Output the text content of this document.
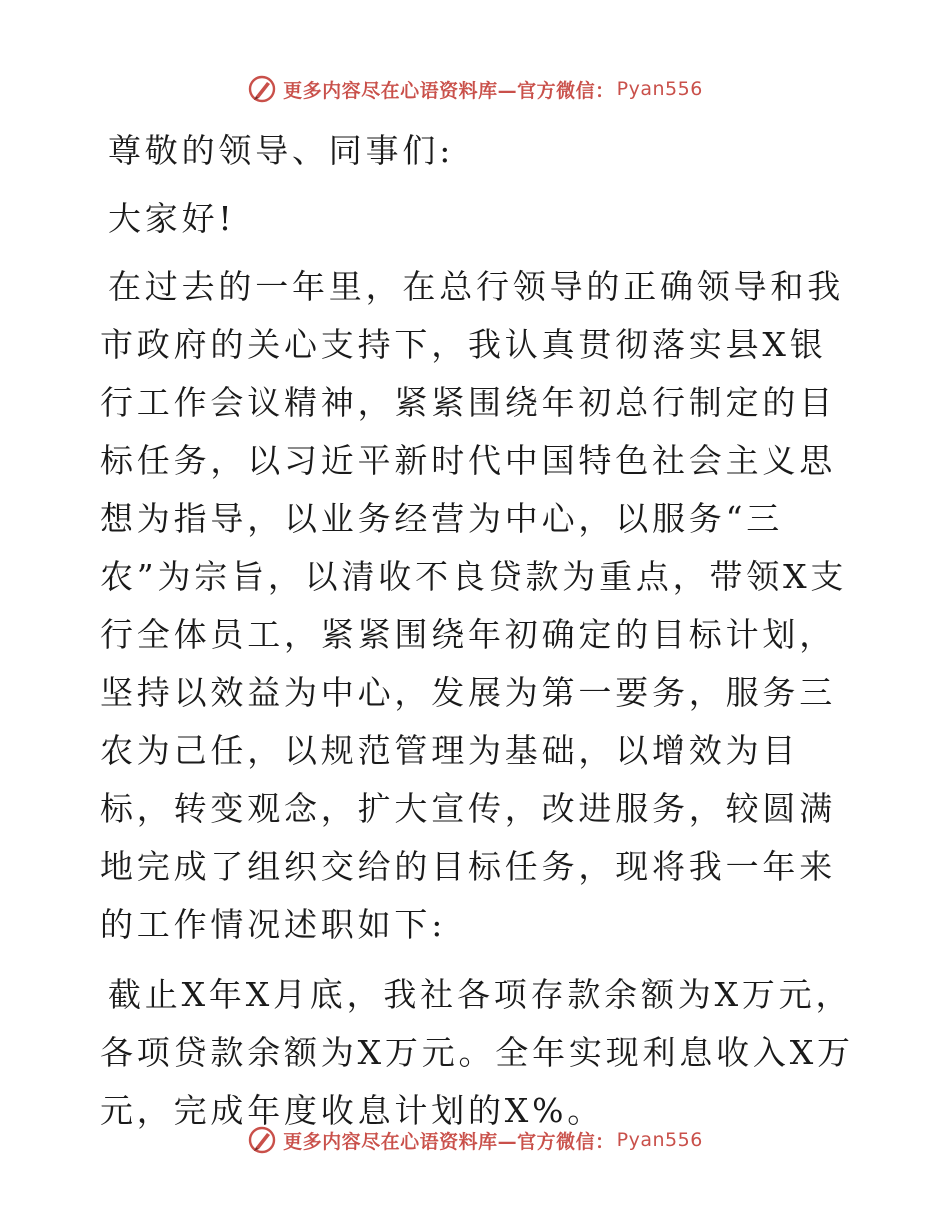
更多内容尽在心语资料库—官方微信： Pyan556

尊敬的领导、同事们:

大家好!

在过去的一年里，在总行领导的正确领导和我市政府的关心支持下，我认真贯彻落实县X银行工作会议精神，紧紧围绕年初总行制定的目标任务，以习近平新时代中国特色社会主义思想为指导，以业务经营为中心，以服务“三农”为宗旨，以清收不良贷款为重点，带领X支行全体员工，紧紧围绕年初确定的目标计划，坚持以效益为中心，发展为第一要务，服务三农为己任，以规范管理为基础，以增效为目标，转变观念，扩大宣传，改进服务，较圆满地完成了组织交给的目标任务，现将我一年来的工作情况述职如下:

截止X年X月底，我社各项存款余额为X万元，各项贷款余额为X万元。全年实现利息收入X万元，完成年度收息计划的X%。

更多内容尽在心语资料库—官方微信： Pyan556
